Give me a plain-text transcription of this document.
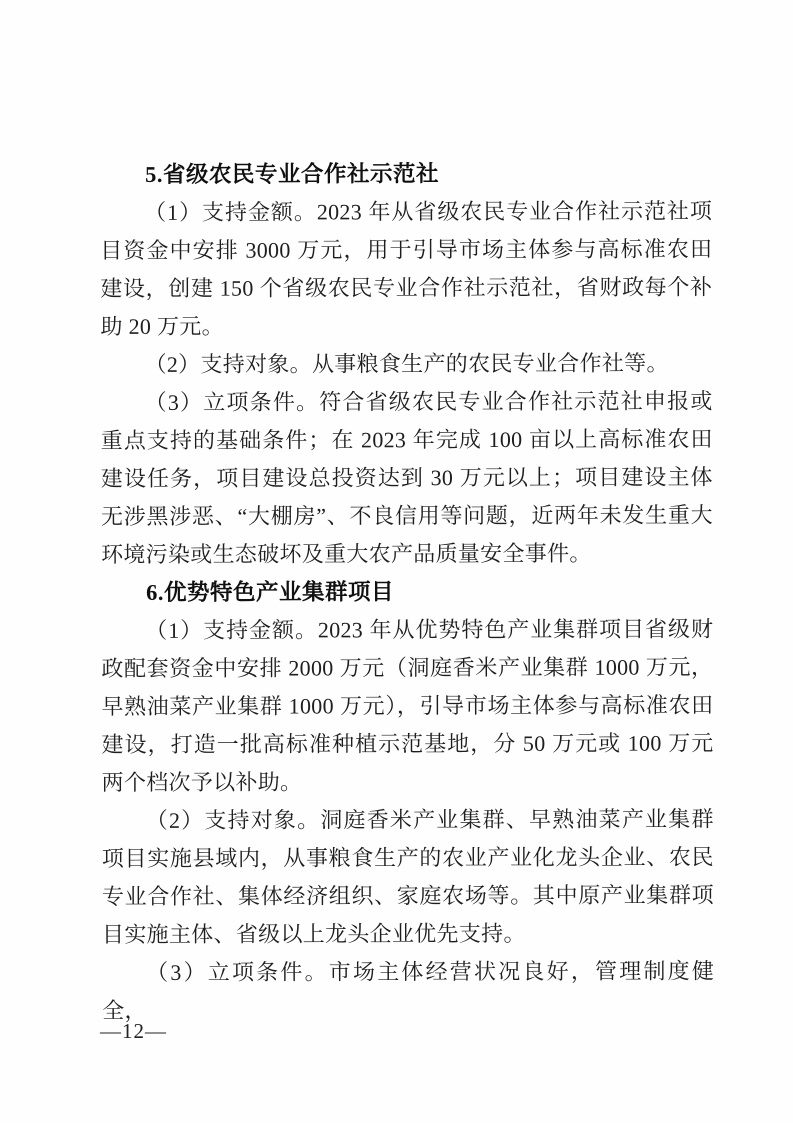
5.省级农民专业合作社示范社

（1）支持金额。2023 年从省级农民专业合作社示范社项目资金中安排 3000 万元，用于引导市场主体参与高标准农田建设，创建 150 个省级农民专业合作社示范社，省财政每个补助 20 万元。

（2）支持对象。从事粮食生产的农民专业合作社等。

（3）立项条件。符合省级农民专业合作社示范社申报或重点支持的基础条件；在 2023 年完成 100 亩以上高标准农田建设任务，项目建设总投资达到 30 万元以上；项目建设主体无涉黑涉恶、“大棚房”、不良信用等问题，近两年未发生重大环境污染或生态破坏及重大农产品质量安全事件。

6.优势特色产业集群项目

（1）支持金额。2023 年从优势特色产业集群项目省级财政配套资金中安排 2000 万元（洞庭香米产业集群 1000 万元，早熟油菜产业集群 1000 万元），引导市场主体参与高标准农田建设，打造一批高标准种植示范基地，分 50 万元或 100 万元两个档次予以补助。

（2）支持对象。洞庭香米产业集群、早熟油菜产业集群项目实施县域内，从事粮食生产的农业产业化龙头企业、农民专业合作社、集体经济组织、家庭农场等。其中原产业集群项目实施主体、省级以上龙头企业优先支持。

（3）立项条件。市场主体经营状况良好，管理制度健全，

—12—
